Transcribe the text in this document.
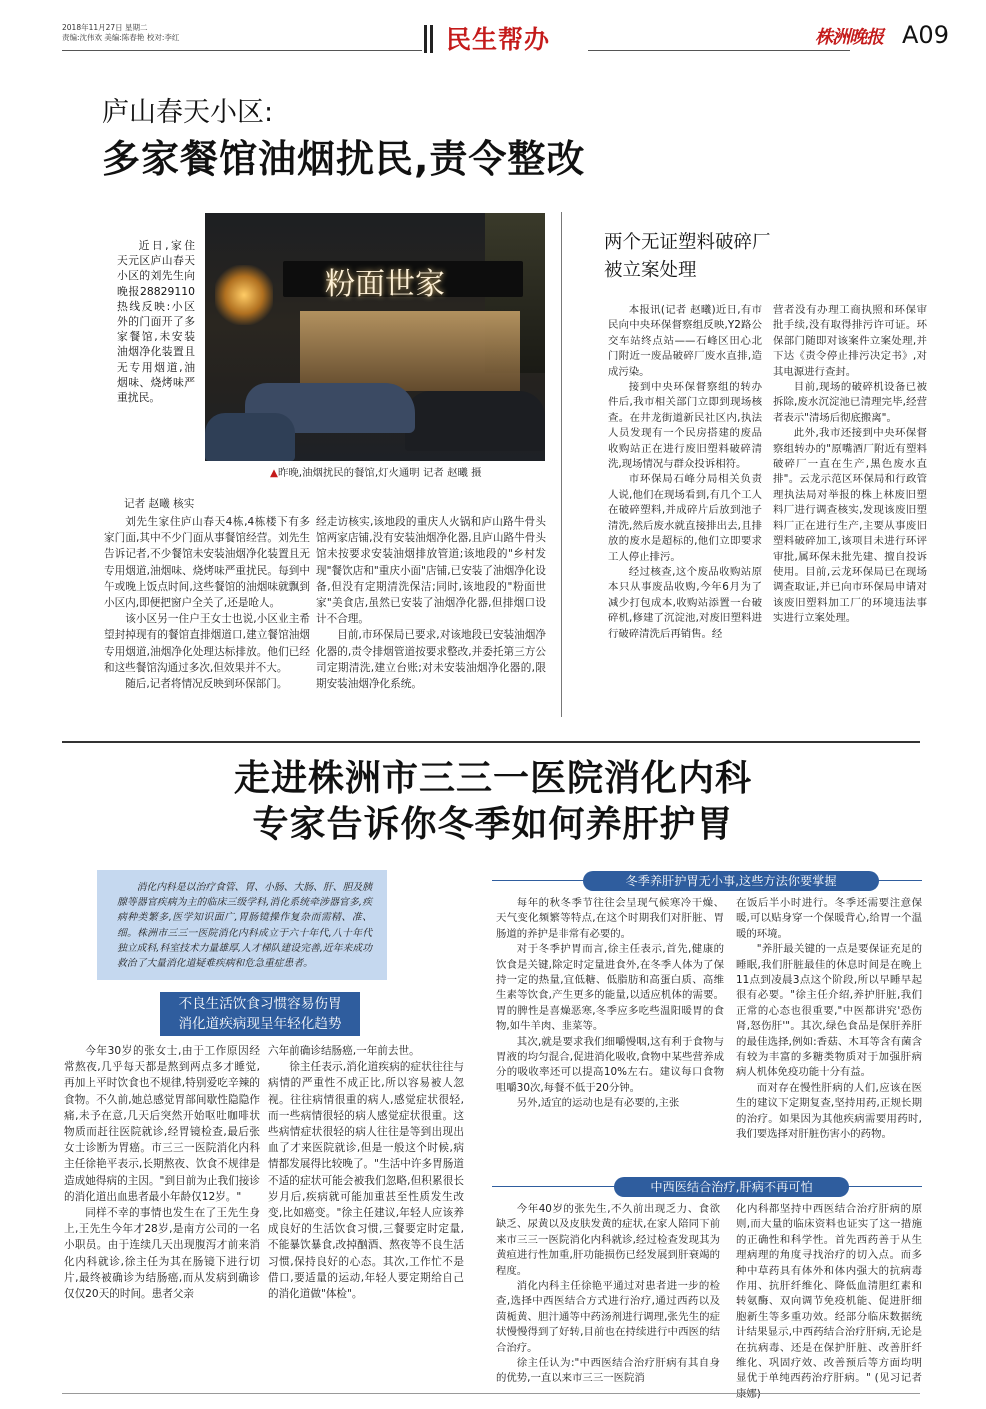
2018年11月27日 星期二
责编:沈伟欢 美编:陈春艳 校对:李红	民生帮办	株洲晚报 A09
庐山春天小区:
多家餐馆油烟扰民,责令整改
近日,家住天元区庐山春天小区的刘先生向晚报28829110热线反映:小区外的门面开了多家餐馆,未安装油烟净化装置且无专用烟道,油烟味、烧烤味严重扰民。
粉面世家
▲昨晚,油烟扰民的餐馆,灯火通明 记者 赵曦 摄
记者 赵曦 核实

刘先生家住庐山春天4栋,4栋楼下有多家门面,其中不少门面从事餐馆经营。刘先生告诉记者,不少餐馆未安装油烟净化装置且无专用烟道,油烟味、烧烤味严重扰民。每到中午或晚上饭点时间,这些餐馆的油烟味就飘到小区内,即便把窗户全关了,还是呛人。

该小区另一住户王女士也说,小区业主希望封掉现有的餐馆直排烟道口,建立餐馆油烟专用烟道,油烟净化处理达标排放。他们已经和这些餐馆沟通过多次,但效果并不大。

随后,记者将情况反映到环保部门。

经走访核实,该地段的重庆人火锅和庐山路牛骨头馆两家店铺,没有安装油烟净化器,且庐山路牛骨头馆未按要求安装油烟排放管道;该地段的"乡村发现"餐饮店和"重庆小面"店铺,已安装了油烟净化设备,但没有定期清洗保洁;同时,该地段的"粉面世家"美食店,虽然已安装了油烟净化器,但排烟口设计不合理。

目前,市环保局已要求,对该地段已安装油烟净化器的,责令排烟管道按要求整改,并委托第三方公司定期清洗,建立台账;对未安装油烟净化器的,限期安装油烟净化系统。

两个无证塑料破碎厂
被立案处理

本报讯(记者 赵曦)近日,有市民向中央环保督察组反映,Y2路公交车站终点站——石峰区田心北门附近一废品破碎厂废水直排,造成污染。

接到中央环保督察组的转办件后,我市相关部门立即到现场核查。在井龙街道新民社区内,执法人员发现有一个民房搭建的废品收购站正在进行废旧塑料破碎清洗,现场情况与群众投诉相符。

市环保局石峰分局相关负责人说,他们在现场看到,有几个工人在破碎塑料,并成碎片后放到池子清洗,然后废水就直接排出去,且排放的废水是超标的,他们立即要求工人停止排污。

经过核查,这个废品收购站原本只从事废品收购,今年6月为了减少打包成本,收购站添置一台破碎机,修建了沉淀池,对废旧塑料进行破碎清洗后再销售。经

营者没有办理工商执照和环保审批手续,没有取得排污许可证。环保部门随即对该案件立案处理,并下达《责令停止排污决定书》,对其电源进行查封。

目前,现场的破碎机设备已被拆除,废水沉淀池已清理完毕,经营者表示"清场后彻底搬离"。

此外,我市还接到中央环保督察组转办的"原嘴酒厂附近有塑料破碎厂一直在生产,黑色废水直排"。云龙示范区环保局和行政管理执法局对举报的株上林废旧塑料厂进行调查核实,发现该废旧塑料厂正在进行生产,主要从事废旧塑料破碎加工,该项目未进行环评审批,属环保未批先建、擅自投诉使用。目前,云龙环保局已在现场调查取证,并已向市环保局申请对该废旧塑料加工厂的环境违法事实进行立案处理。

走进株洲市三三一医院消化内科
专家告诉你冬季如何养肝护胃
消化内科是以治疗食管、胃、小肠、大肠、肝、胆及胰腺等器官疾病为主的临床三级学科,消化系统牵涉器官多,疾病种类繁多,医学知识面广,胃肠镜操作复杂而需精、准、细。株洲市三三一医院消化内科成立于六十年代,八十年代独立成科,科室技术力量雄厚,人才梯队建设完善,近年来成功救治了大量消化道疑难疾病和危急重症患者。
不良生活饮食习惯容易伤胃
消化道疾病现呈年轻化趋势

今年30岁的张女士,由于工作原因经常熬夜,几乎每天都是熬到两点多才睡觉,再加上平时饮食也不规律,特别爱吃辛辣的食物。不久前,她总感觉胃部间歇性隐隐作痛,未予在意,几天后突然开始呕吐咖啡状物质而赶往医院就诊,经胃镜检查,最后张女士诊断为胃癌。市三三一医院消化内科主任徐艳平表示,长期熬夜、饮食不规律是造成她得病的主因。"到目前为止我们接诊的消化道出血患者最小年龄仅12岁。"

同样不幸的事情也发生在了王先生身上,王先生今年才28岁,是南方公司的一名小职员。由于连续几天出现腹泻才前来消化内科就诊,徐主任为其在肠镜下进行切片,最终被确诊为结肠癌,而从发病到确诊仅仅20天的时间。患者父亲

六年前确诊结肠癌,一年前去世。

徐主任表示,消化道疾病的症状往往与病情的严重性不成正比,所以容易被人忽视。往往病情很重的病人,感觉症状很轻,而一些病情很轻的病人感觉症状很重。这些病情症状很轻的病人往往是等到出现出血了才来医院就诊,但是一般这个时候,病情都发展得比较晚了。"生活中许多胃肠道不适的症状可能会被我们忽略,但积累很长岁月后,疾病就可能加重甚至性质发生改变,比如癌变。"徐主任建议,年轻人应该养成良好的生活饮食习惯,三餐要定时定量,不能暴饮暴食,改掉酗酒、熬夜等不良生活习惯,保持良好的心态。其次,工作忙不是借口,要适量的运动,年轻人要定期给自己的消化道做"体检"。

冬季养肝护胃无小事,这些方法你要掌握

每年的秋冬季节往往会呈现气候寒冷干燥、天气变化频繁等特点,在这个时期我们对肝脏、胃肠道的养护是非常有必要的。

对于冬季护胃而言,徐主任表示,首先,健康的饮食是关键,除定时定量进食外,在冬季人体为了保持一定的热量,宜低糖、低脂肪和高蛋白质、高维生素等饮食,产生更多的能量,以适应机体的需要。胃的脾性是喜燥恶寒,冬季应多吃些温阳暖胃的食物,如牛羊肉、韭菜等。

其次,就是要求我们细嚼慢咽,这有利于食物与胃液的均匀混合,促进消化吸收,食物中某些营养成分的吸收率还可以提高10%左右。建议每口食物咀嚼30次,每餐不低于20分钟。

另外,适宜的运动也是有必要的,主张

在饭后半小时进行。冬季还需要注意保暖,可以贴身穿一个保暖背心,给胃一个温暖的环境。

"养肝最关键的一点是要保证充足的睡眠,我们肝脏最佳的休息时间是在晚上11点到凌晨3点这个阶段,所以早睡早起很有必要。"徐主任介绍,养护肝脏,我们正常的心态也很重要,"中医都讲究'恐伤肾,怒伤肝'"。其次,绿色食品是保肝养肝的最佳选择,例如:香菇、木耳等含有菌含有较为丰富的多糖类物质对于加强肝病病人机体免疫功能十分有益。

而对存在慢性肝病的人们,应该在医生的建议下定期复查,坚持用药,正规长期的治疗。如果因为其他疾病需要用药时,我们要选择对肝脏伤害小的药物。

中西医结合治疗,肝病不再可怕

今年40岁的张先生,不久前出现乏力、食欲缺乏、尿黄以及皮肤发黄的症状,在家人陪同下前来市三三一医院消化内科就诊,经过检查发现其为黄疸进行性加重,肝功能损伤已经发展到肝衰竭的程度。

消化内科主任徐艳平通过对患者进一步的检查,选择中西医结合方式进行治疗,通过西药以及茵栀黄、胆汁通等中药汤剂进行调理,张先生的症状慢慢得到了好转,目前也在持续进行中西医的结合治疗。

徐主任认为:"中西医结合治疗肝病有其自身的优势,一直以来市三三一医院消

化内科都坚持中西医结合治疗肝病的原则,而大量的临床资料也证实了这一措施的正确性和科学性。首先西药善于从生理病理的角度寻找治疗的切入点。而多种中草药具有体外和体内强大的抗病毒作用、抗肝纤维化、降低血清胆红素和转氨酶、双向调节免疫机能、促进肝细胞新生等多重功效。经部分临床数据统计结果显示,中西药结合治疗肝病,无论是在抗病毒、还是在保护肝脏、改善肝纤维化、巩固疗效、改善预后等方面均明显优于单纯西药治疗肝病。" (见习记者
